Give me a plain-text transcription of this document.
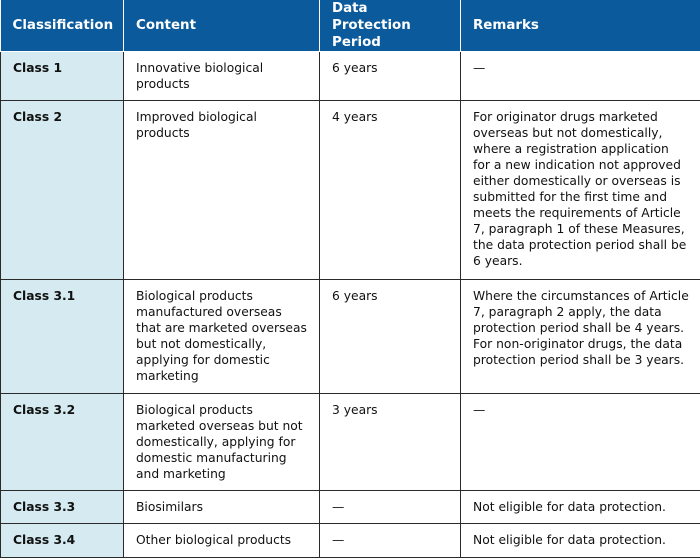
Classification	Content	Data Protection Period	Remarks
Class 1	Innovative biological products	6 years	—
Class 2	Improved biological products	4 years	For originator drugs marketed overseas but not domestically, where a registration application for a new indication not approved either domestically or overseas is submitted for the first time and meets the requirements of Article 7, paragraph 1 of these Measures, the data protection period shall be 6 years.
Class 3.1	Biological products manufactured overseas that are marketed overseas but not domestically, applying for domestic marketing	6 years	Where the circumstances of Article 7, paragraph 2 apply, the data protection period shall be 4 years. For non-originator drugs, the data protection period shall be 3 years.
Class 3.2	Biological products marketed overseas but not domestically, applying for domestic manufacturing and marketing	3 years	—
Class 3.3	Biosimilars	—	Not eligible for data protection.
Class 3.4	Other biological products	—	Not eligible for data protection.
